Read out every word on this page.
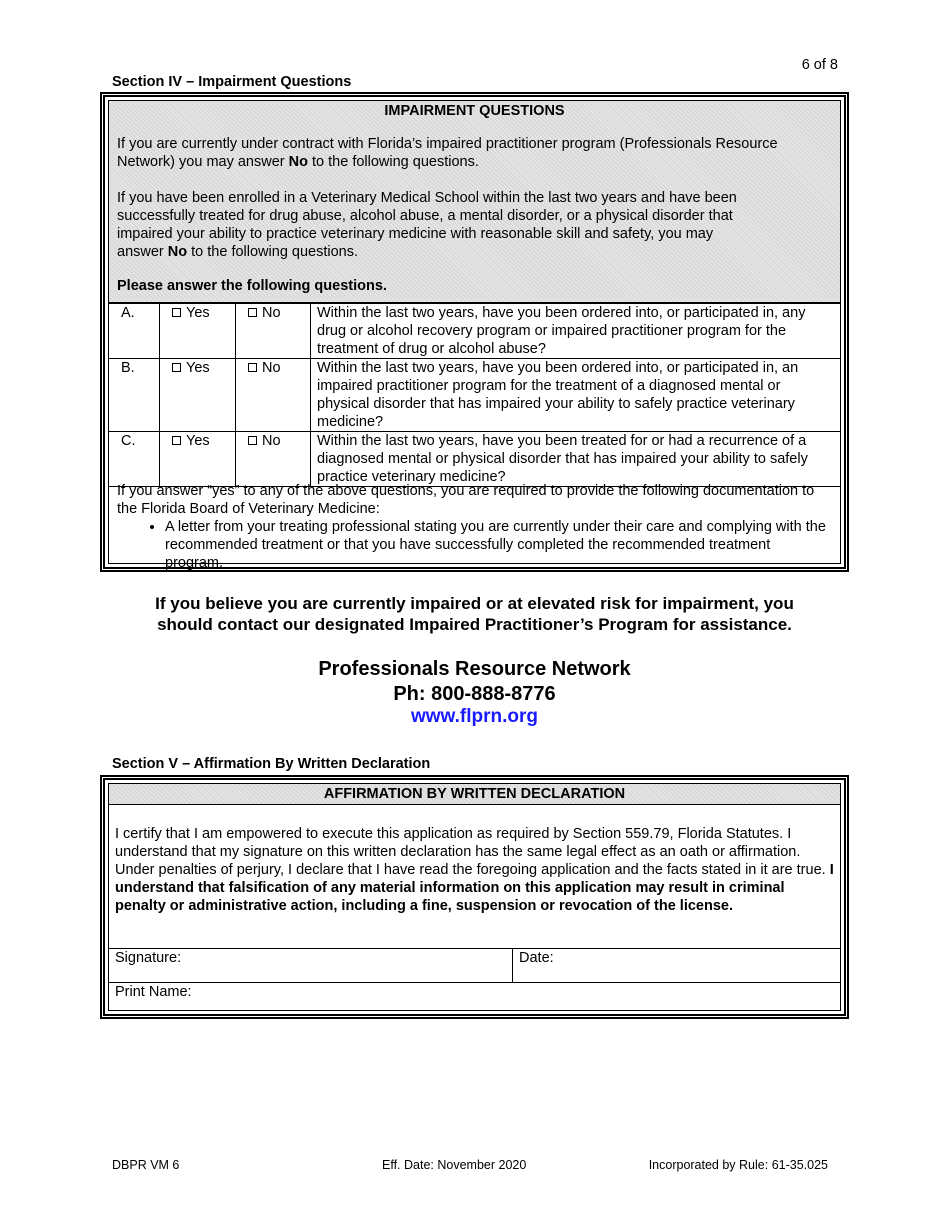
6 of 8
Section IV – Impairment Questions
IMPAIRMENT QUESTIONS

If you are currently under contract with Florida’s impaired practitioner program (Professionals Resource Network) you may answer No to the following questions.

If you have been enrolled in a Veterinary Medical School within the last two years and have been successfully treated for drug abuse, alcohol abuse, a mental disorder, or a physical disorder that impaired your ability to practice veterinary medicine with reasonable skill and safety, you may answer No to the following questions.

Please answer the following questions.

A.	Yes	No	Within the last two years, have you been ordered into, or participated in, any drug or alcohol recovery program or impaired practitioner program for the treatment of drug or alcohol abuse?
B.	Yes	No	Within the last two years, have you been ordered into, or participated in, an impaired practitioner program for the treatment of a diagnosed mental or physical disorder that has impaired your ability to safely practice veterinary medicine?
C.	Yes	No	Within the last two years, have you been treated for or had a recurrence of a diagnosed mental or physical disorder that has impaired your ability to safely practice veterinary medicine?
If you answer “yes” to any of the above questions, you are required to provide the following documentation to the Florida Board of Veterinary Medicine:
• A letter from your treating professional stating you are currently under their care and complying with the recommended treatment or that you have successfully completed the recommended treatment program.
If you believe you are currently impaired or at elevated risk for impairment, you should contact our designated Impaired Practitioner’s Program for assistance.
Professionals Resource Network
Ph: 800-888-8776
www.flprn.org
Section V – Affirmation By Written Declaration
AFFIRMATION BY WRITTEN DECLARATION
I certify that I am empowered to execute this application as required by Section 559.79, Florida Statutes. I understand that my signature on this written declaration has the same legal effect as an oath or affirmation. Under penalties of perjury, I declare that I have read the foregoing application and the facts stated in it are true. I understand that falsification of any material information on this application may result in criminal penalty or administrative action, including a fine, suspension or revocation of the license.
Signature:	Date:
Print Name:
DBPR VM 6	Eff. Date: November 2020	Incorporated by Rule: 61-35.025
